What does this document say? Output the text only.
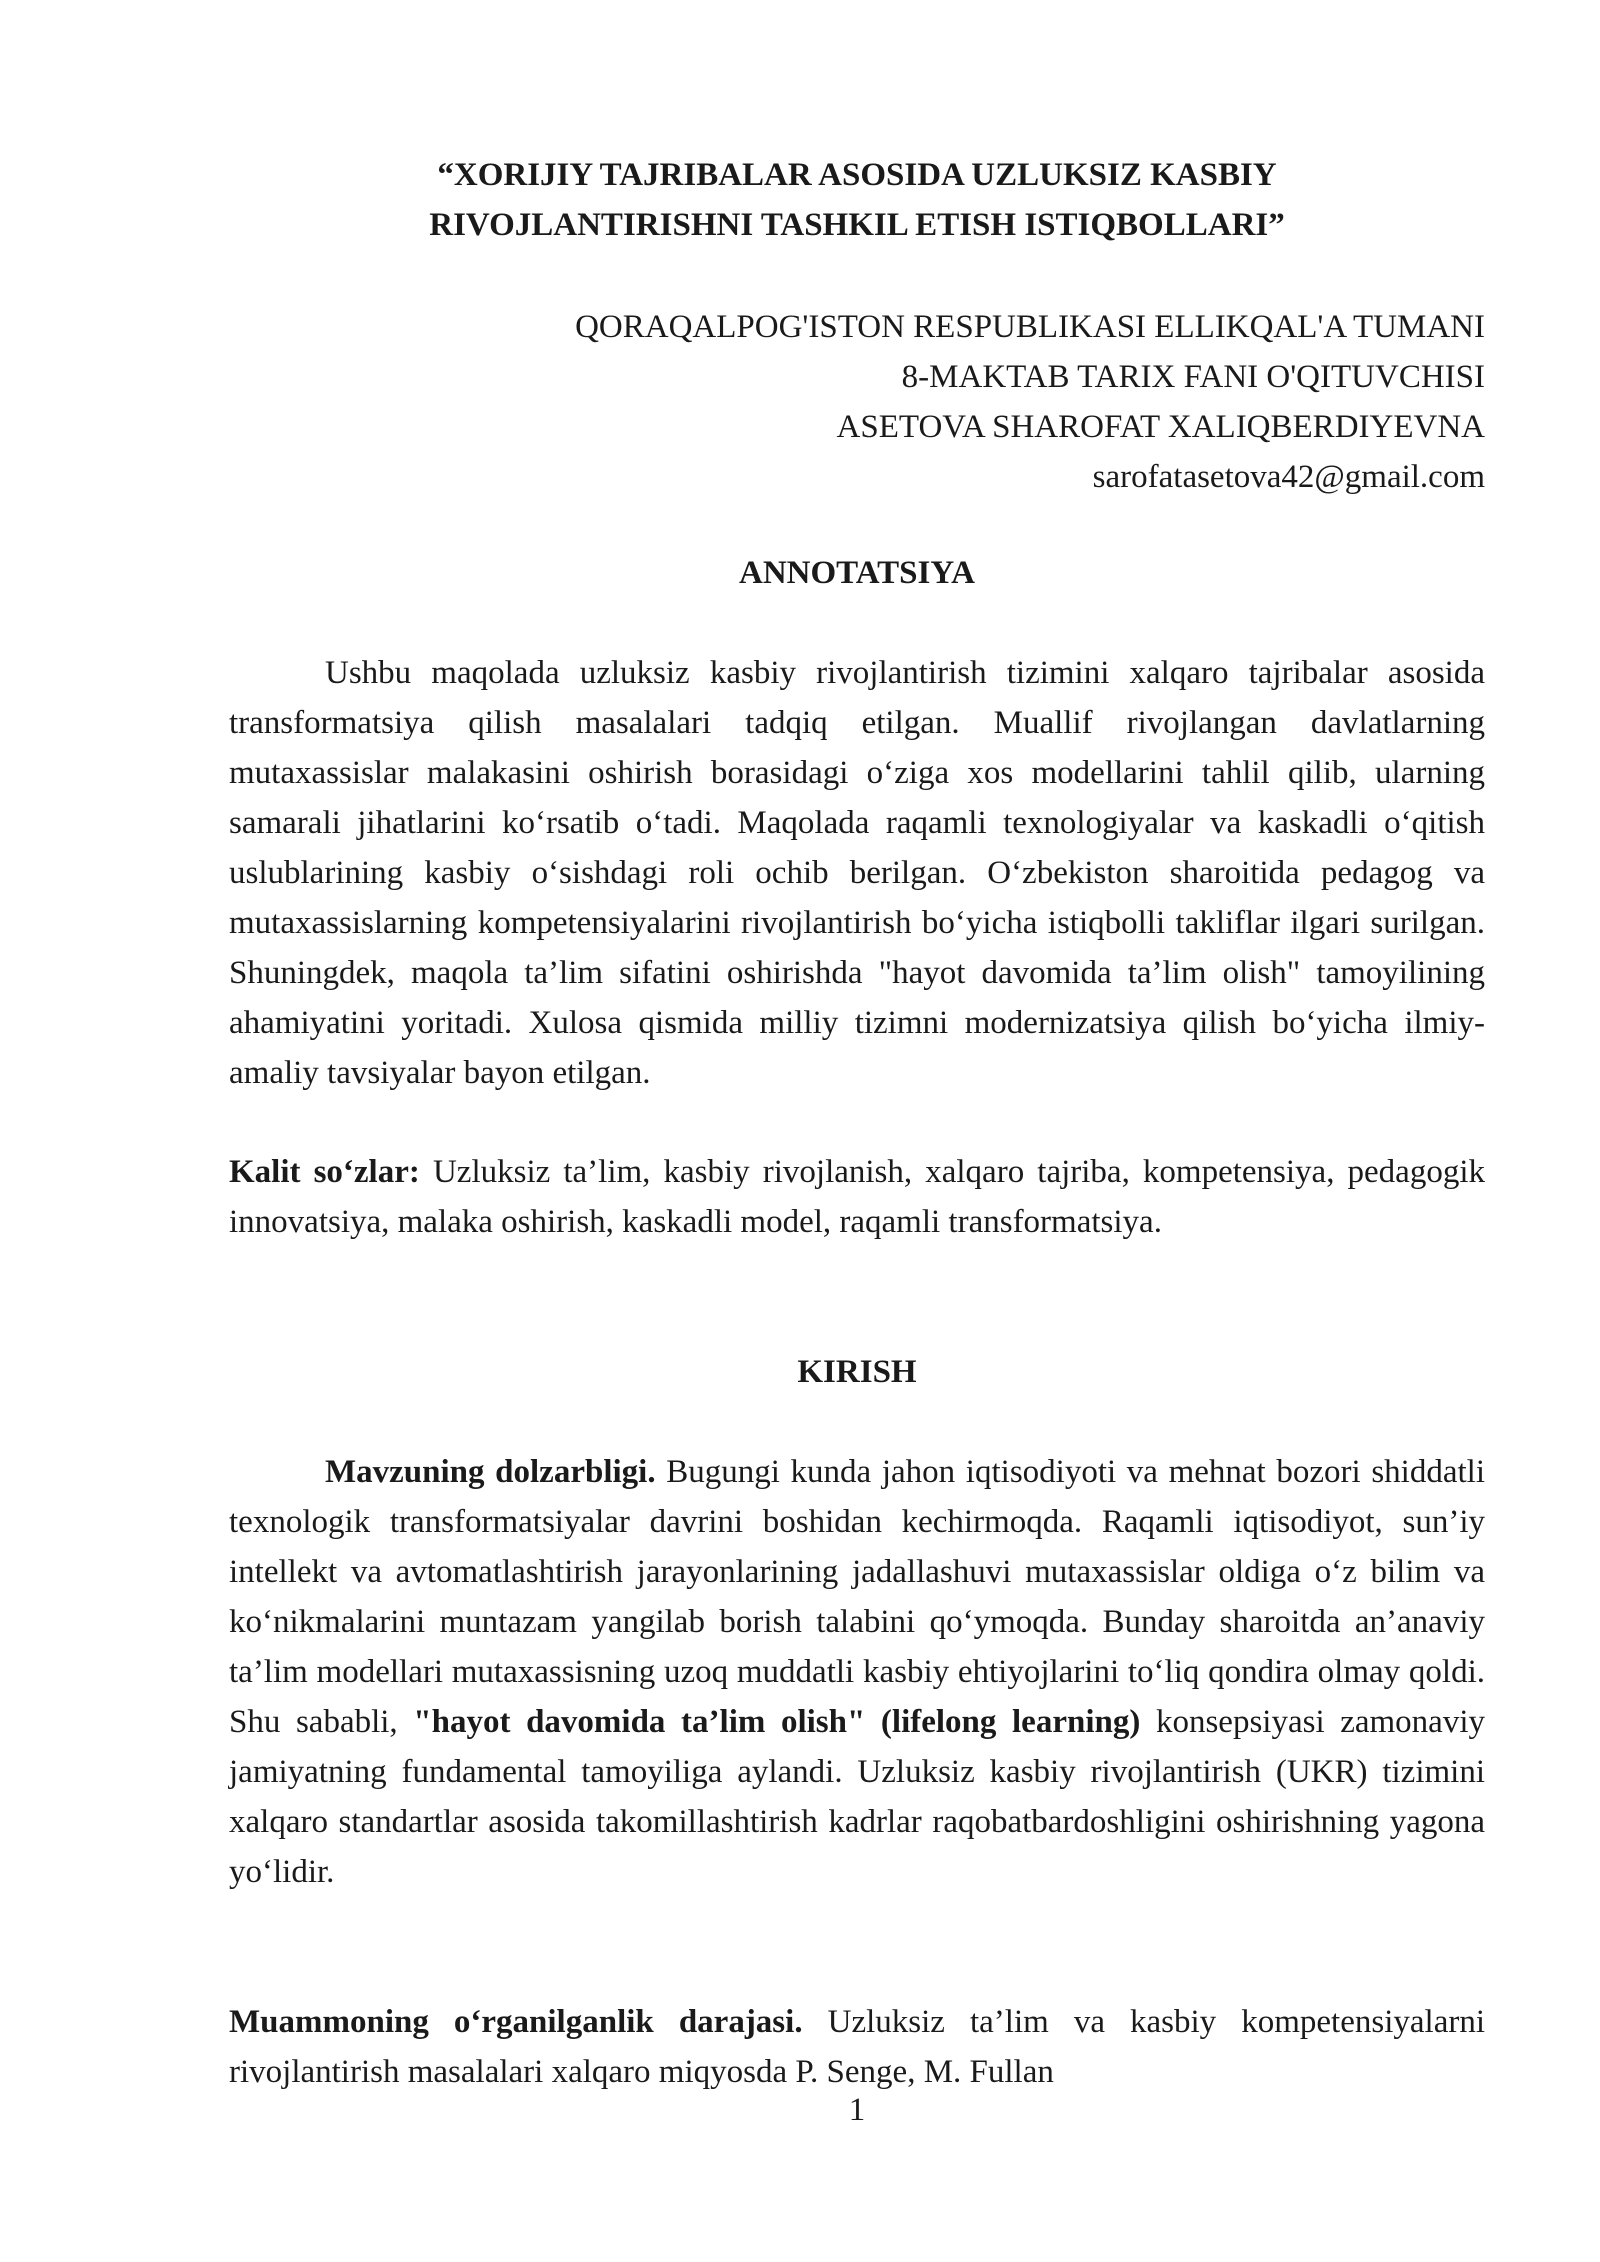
“XORIJIY TAJRIBALAR ASOSIDA UZLUKSIZ KASBIY
RIVOJLANTIRISHNI TASHKIL ETISH ISTIQBOLLARI”
QORAQALPOG'ISTON RESPUBLIKASI ELLIKQAL'A TUMANI
8-MAKTAB TARIX FANI O'QITUVCHISI
ASETOVA SHAROFAT XALIQBERDIYEVNA
sarofatasetova42@gmail.com
ANNOTATSIYA

Ushbu maqolada uzluksiz kasbiy rivojlantirish tizimini xalqaro tajribalar asosida transformatsiya qilish masalalari tadqiq etilgan. Muallif rivojlangan davlatlarning mutaxassislar malakasini oshirish borasidagi o‘ziga xos modellarini tahlil qilib, ularning samarali jihatlarini ko‘rsatib o‘tadi. Maqolada raqamli texnologiyalar va kaskadli o‘qitish uslublarining kasbiy o‘sishdagi roli ochib berilgan. O‘zbekiston sharoitida pedagog va mutaxassislarning kompetensiyalarini rivojlantirish bo‘yicha istiqbolli takliflar ilgari surilgan. Shuningdek, maqola ta’lim sifatini oshirishda "hayot davomida ta’lim olish" tamoyilining ahamiyatini yoritadi. Xulosa qismida milliy tizimni modernizatsiya qilish bo‘yicha ilmiy-amaliy tavsiyalar bayon etilgan.

Kalit so‘zlar: Uzluksiz ta’lim, kasbiy rivojlanish, xalqaro tajriba, kompetensiya, pedagogik innovatsiya, malaka oshirish, kaskadli model, raqamli transformatsiya.

KIRISH

Mavzuning dolzarbligi. Bugungi kunda jahon iqtisodiyoti va mehnat bozori shiddatli texnologik transformatsiyalar davrini boshidan kechirmoqda. Raqamli iqtisodiyot, sun’iy intellekt va avtomatlashtirish jarayonlarining jadallashuvi mutaxassislar oldiga o‘z bilim va ko‘nikmalarini muntazam yangilab borish talabini qo‘ymoqda. Bunday sharoitda an’anaviy ta’lim modellari mutaxassisning uzoq muddatli kasbiy ehtiyojlarini to‘liq qondira olmay qoldi. Shu sababli, "hayot davomida ta’lim olish" (lifelong learning) konsepsiyasi zamonaviy jamiyatning fundamental tamoyiliga aylandi. Uzluksiz kasbiy rivojlantirish (UKR) tizimini xalqaro standartlar asosida takomillashtirish kadrlar raqobatbardoshligini oshirishning yagona yo‘lidir.

Muammoning o‘rganilganlik darajasi. Uzluksiz ta’lim va kasbiy kompetensiyalarni rivojlantirish masalalari xalqaro miqyosda P. Senge, M. Fullan

1
